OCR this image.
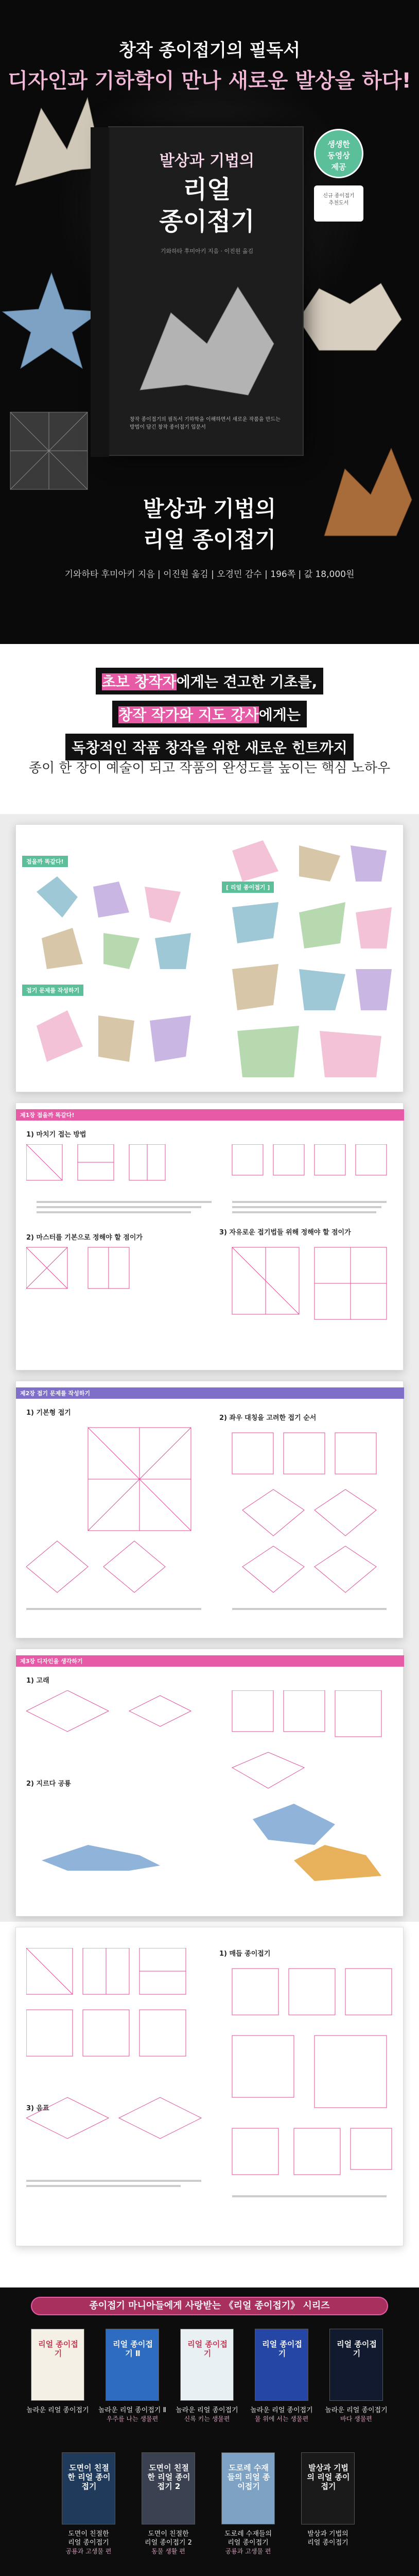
창작 종이접기의 필독서
디자인과 기하학이 만나 새로운 발상을 하다!
발상과 기법의
리얼
종이접기
기와하타 후미아키 지음 · 이진원 옮김
창작 종이접기의 필독서 기하학을 이해하면서 새로운 작품을 만드는 방법이 담긴 창작 종이접기 입문서
생생한
동영상
제공
신규 종이접기
추천도서
발상과 기법의
리얼 종이접기
기와하타 후미아키 지음 | 이진원 옮김 | 오경민 감수 | 196쪽 | 값 18,000원
초보 창작자에게는 견고한 기초를,
창작 작가와 지도 강사에게는
독창적인 작품 창작을 위한 새로운 힌트까지
종이 한 장이 예술이 되고 작품의 완성도를 높이는 핵심 노하우
접을까 똑같다!
[ 리얼 종이접기 ]
접기 문제를 작성하기
제1장 접을까 똑같다!
1) 마치기 접는 방법
2) 마스터를 기본으로 정해야 할 점이가
3) 자유로운 접기법들 위해 정해야 할 점이가
제2장 접기 문제를 작성하기
1) 기본형 접기
2) 좌우 대칭을 고려한 접기 순서
제3장 디자인을 생각하기
1) 고래
2) 지르다 공룡
3) 음표
1) 매듭 종이접기
종이접기 마니아들에게 사랑받는 《리얼 종이접기》 시리즈
리얼 종이접기
놀라운 리얼 종이접기
리얼 종이접기 Ⅱ
놀라운 리얼 종이접기 Ⅱ
우주를 나는 생물편
리얼 종이접기
놀라운 리얼 종이접기
신록 키는 생물편
리얼 종이접기
놀라운 리얼 종이접기
물 위에 서는 생물편
리얼 종이접기
놀라운 리얼 종이접기
바다 생물편
도면이 친절한 리얼 종이접기
도면이 친절한
리얼 종이접기
공룡과 고생물 편
도면이 친절한 리얼 종이접기 2
도면이 친절한
리얼 종이접기 2
동물 생활 편
도로레 수재들의 리얼 종이접기
도로레 수재들의
리얼 종이접기
공룡과 고생물 편
발상과 기법의 리얼 종이접기
발상과 기법의
리얼 종이접기
